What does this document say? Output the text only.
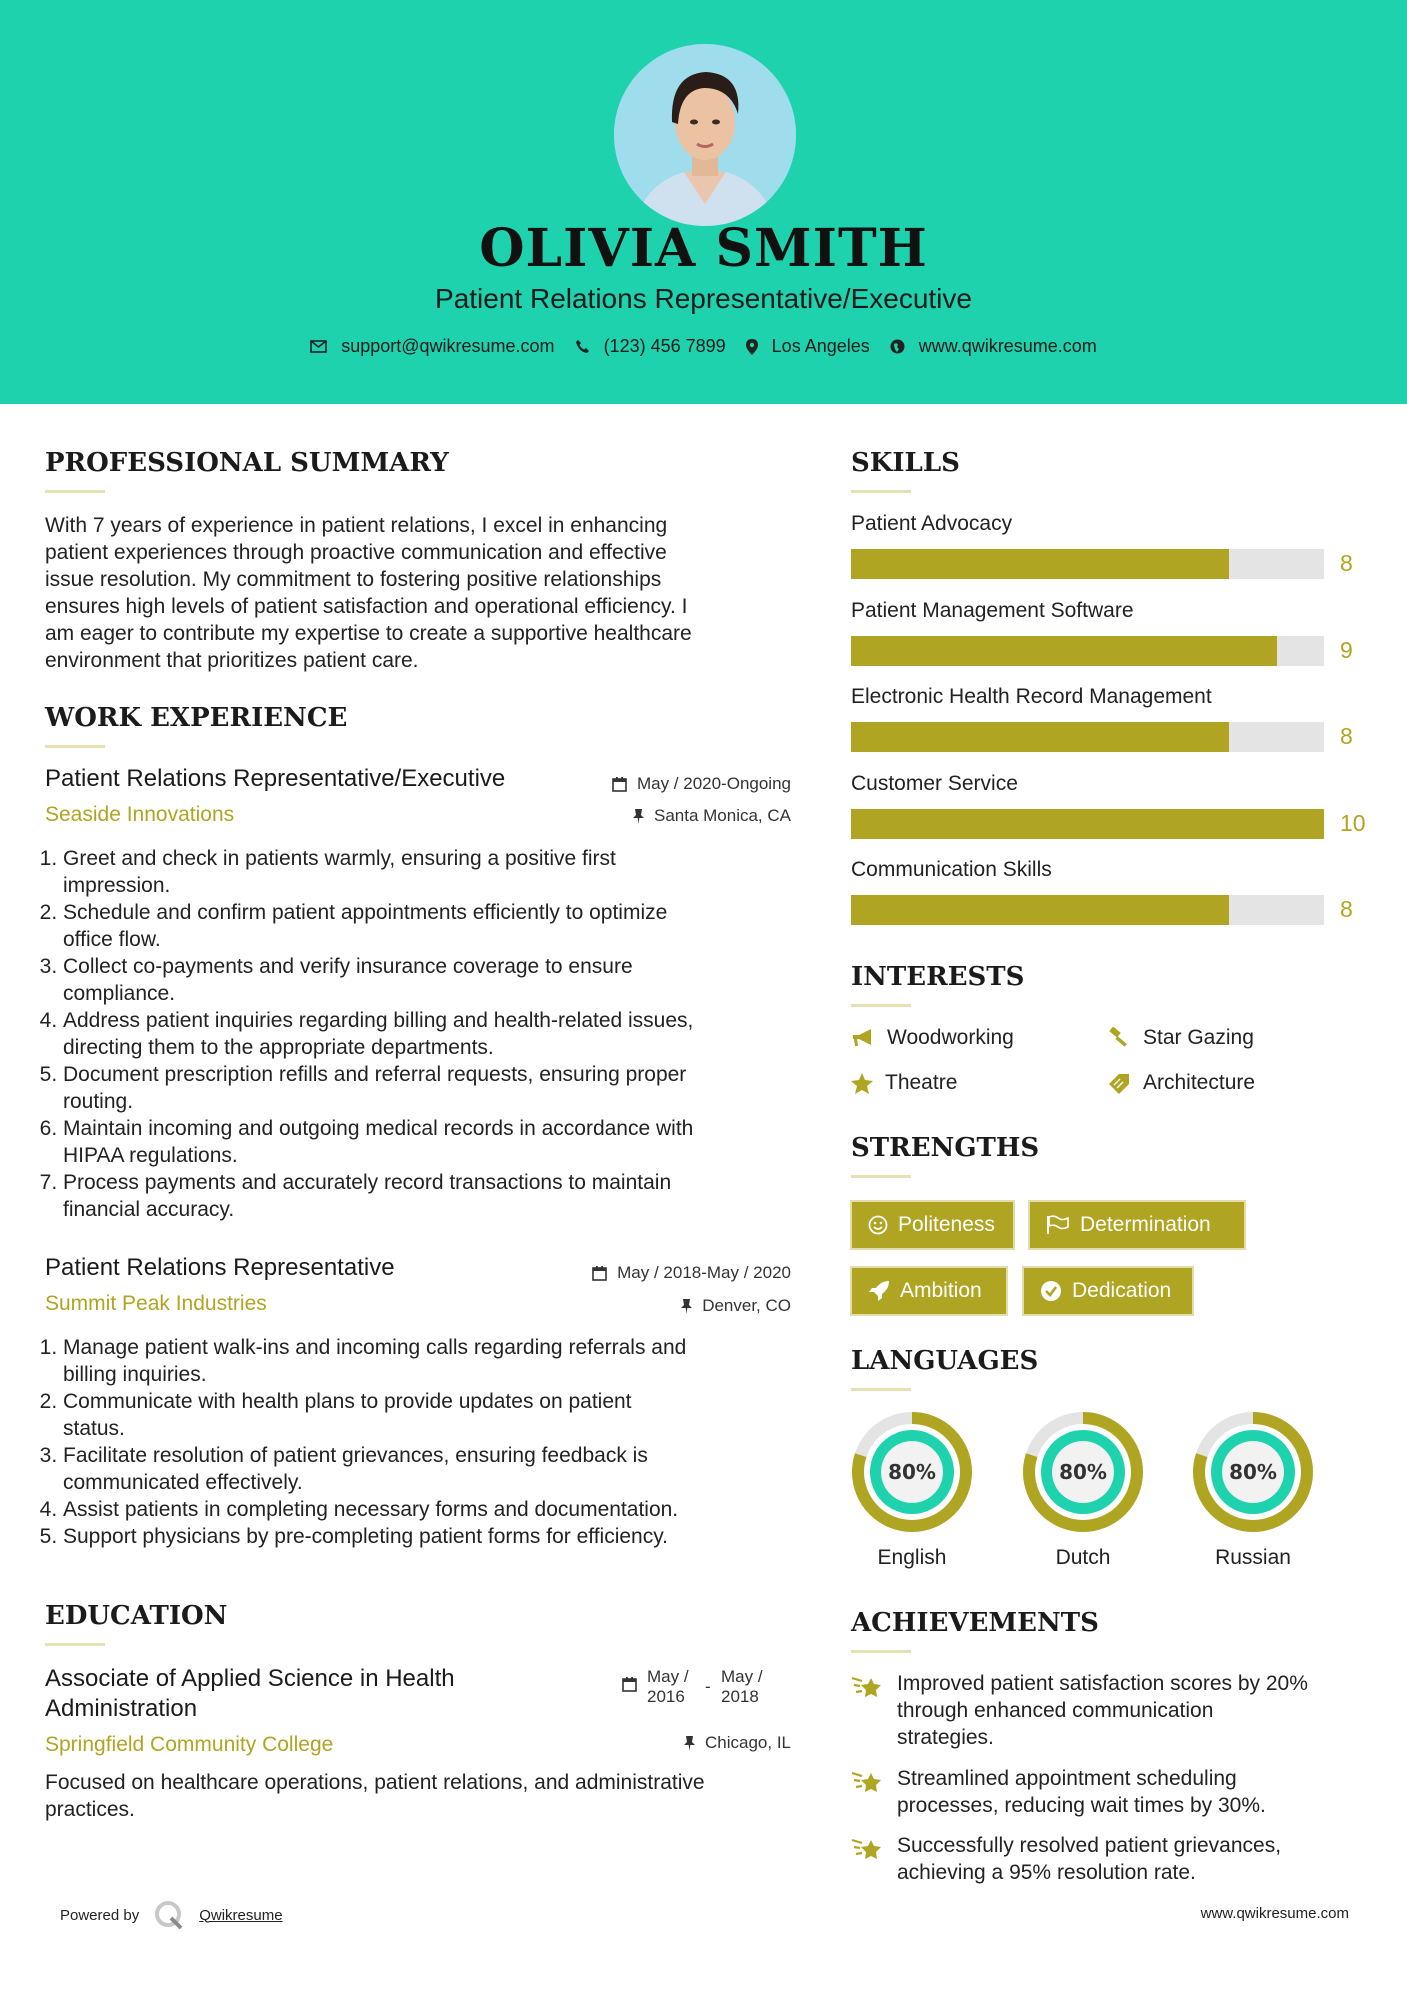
OLIVIA SMITH
Patient Relations Representative/Executive
support@qwikresume.com	(123) 456 7899	Los Angeles	www.qwikresume.com
PROFESSIONAL SUMMARY
With 7 years of experience in patient relations, I excel in enhancing
patient experiences through proactive communication and effective
issue resolution. My commitment to fostering positive relationships
ensures high levels of patient satisfaction and operational efficiency. I
am eager to contribute my expertise to create a supportive healthcare
environment that prioritizes patient care.
WORK EXPERIENCE
Patient Relations Representative/Executive	May / 2020-Ongoing
Seaside Innovations	Santa Monica, CA
1. Greet and check in patients warmly, ensuring a positive first
impression.
2. Schedule and confirm patient appointments efficiently to optimize
office flow.
3. Collect co-payments and verify insurance coverage to ensure
compliance.
4. Address patient inquiries regarding billing and health-related issues,
directing them to the appropriate departments.
5. Document prescription refills and referral requests, ensuring proper
routing.
6. Maintain incoming and outgoing medical records in accordance with
HIPAA regulations.
7. Process payments and accurately record transactions to maintain
financial accuracy.
Patient Relations Representative	May / 2018-May / 2020
Summit Peak Industries	Denver, CO
1. Manage patient walk-ins and incoming calls regarding referrals and
billing inquiries.
2. Communicate with health plans to provide updates on patient
status.
3. Facilitate resolution of patient grievances, ensuring feedback is
communicated effectively.
4. Assist patients in completing necessary forms and documentation.
5. Support physicians by pre-completing patient forms for efficiency.
EDUCATION
Associate of Applied Science in Health
Administration
May /
2016
-
May /
2018
Springfield Community College	Chicago, IL
Focused on healthcare operations, patient relations, and administrative
practices.
SKILLS
Patient Advocacy
8
Patient Management Software
9
Electronic Health Record Management
8
Customer Service
10
Communication Skills
8
INTERESTS
Woodworking	Star Gazing
Theatre	Architecture
STRENGTHS
Politeness	Determination
Ambition	Dedication
LANGUAGES
80%
English
80%
Dutch
80%
Russian
ACHIEVEMENTS
Improved patient satisfaction scores by 20%
through enhanced communication
strategies.
Streamlined appointment scheduling
processes, reducing wait times by 30%.
Successfully resolved patient grievances,
achieving a 95% resolution rate.
Powered by	Qwikresume	www.qwikresume.com
